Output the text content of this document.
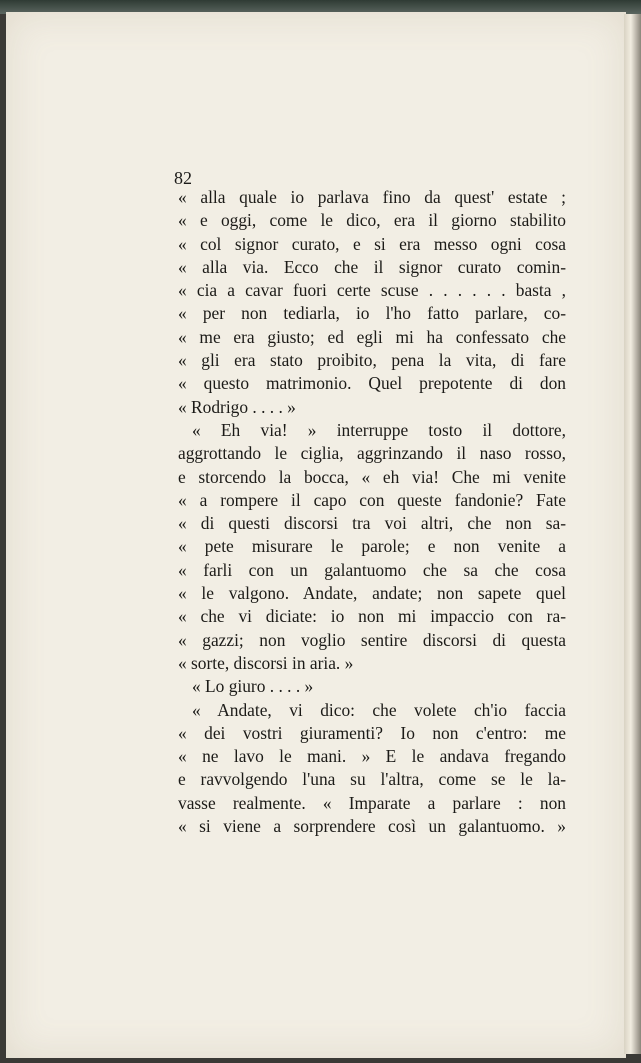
82
« alla quale io parlava fino da quest' estate ;
« e oggi, come le dico, era il giorno stabilito
« col signor curato, e si era messo ogni cosa
« alla via. Ecco che il signor curato comin-
« cia a cavar fuori certe scuse . . . . . . basta ,
« per non tediarla, io l'ho fatto parlare, co-
« me era giusto; ed egli mi ha confessato che
« gli era stato proibito, pena la vita, di fare
« questo matrimonio. Quel prepotente di don
« Rodrigo . . . . »
« Eh via! » interruppe tosto il dottore,
aggrottando le ciglia, aggrinzando il naso rosso,
e storcendo la bocca, « eh via! Che mi venite
« a rompere il capo con queste fandonie? Fate
« di questi discorsi tra voi altri, che non sa-
« pete misurare le parole; e non venite a
« farli con un galantuomo che sa che cosa
« le valgono. Andate, andate; non sapete quel
« che vi diciate: io non mi impaccio con ra-
« gazzi; non voglio sentire discorsi di questa
« sorte, discorsi in aria. »
« Lo giuro . . . . »
« Andate, vi dico: che volete ch'io faccia
« dei vostri giuramenti? Io non c'entro: me
« ne lavo le mani. » E le andava fregando
e ravvolgendo l'una su l'altra, come se le la-
vasse realmente. « Imparate a parlare : non
« si viene a sorprendere così un galantuomo. »
